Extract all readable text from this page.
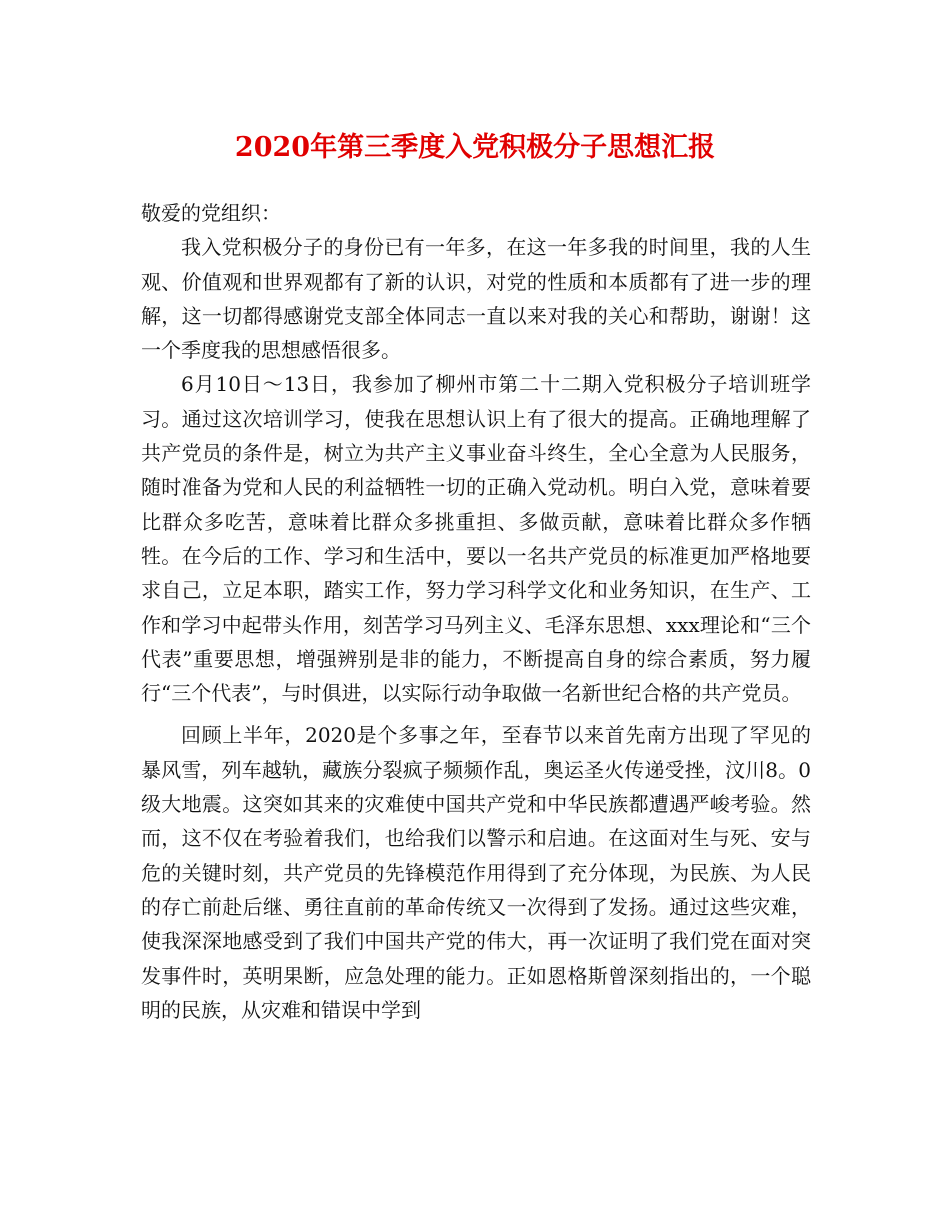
2020年第三季度入党积极分子思想汇报

敬爱的党组织：

我入党积极分子的身份已有一年多，在这一年多我的时间里，我的人生观、价值观和世界观都有了新的认识，对党的性质和本质都有了进一步的理解，这一切都得感谢党支部全体同志一直以来对我的关心和帮助，谢谢！这一个季度我的思想感悟很多。

6月10日～13日，我参加了柳州市第二十二期入党积极分子培训班学习。通过这次培训学习，使我在思想认识上有了很大的提高。正确地理解了共产党员的条件是，树立为共产主义事业奋斗终生，全心全意为人民服务，随时准备为党和人民的利益牺牲一切的正确入党动机。明白入党，意味着要比群众多吃苦，意味着比群众多挑重担、多做贡献，意味着比群众多作牺牲。在今后的工作、学习和生活中，要以一名共产党员的标准更加严格地要求自己，立足本职，踏实工作，努力学习科学文化和业务知识，在生产、工作和学习中起带头作用，刻苦学习马列主义、毛泽东思想、xxx理论和“三个代表”重要思想，增强辨别是非的能力，不断提高自身的综合素质，努力履行“三个代表”，与时俱进，以实际行动争取做一名新世纪合格的共产党员。

回顾上半年，2020是个多事之年，至春节以来首先南方出现了罕见的暴风雪，列车越轨，藏族分裂疯子频频作乱，奥运圣火传递受挫，汶川8。0级大地震。这突如其来的灾难使中国共产党和中华民族都遭遇严峻考验。然而，这不仅在考验着我们，也给我们以警示和启迪。在这面对生与死、安与危的关键时刻，共产党员的先锋模范作用得到了充分体现，为民族、为人民的存亡前赴后继、勇往直前的革命传统又一次得到了发扬。通过这些灾难，使我深深地感受到了我们中国共产党的伟大，再一次证明了我们党在面对突发事件时，英明果断，应急处理的能力。正如恩格斯曾深刻指出的，一个聪明的民族，从灾难和错误中学到
